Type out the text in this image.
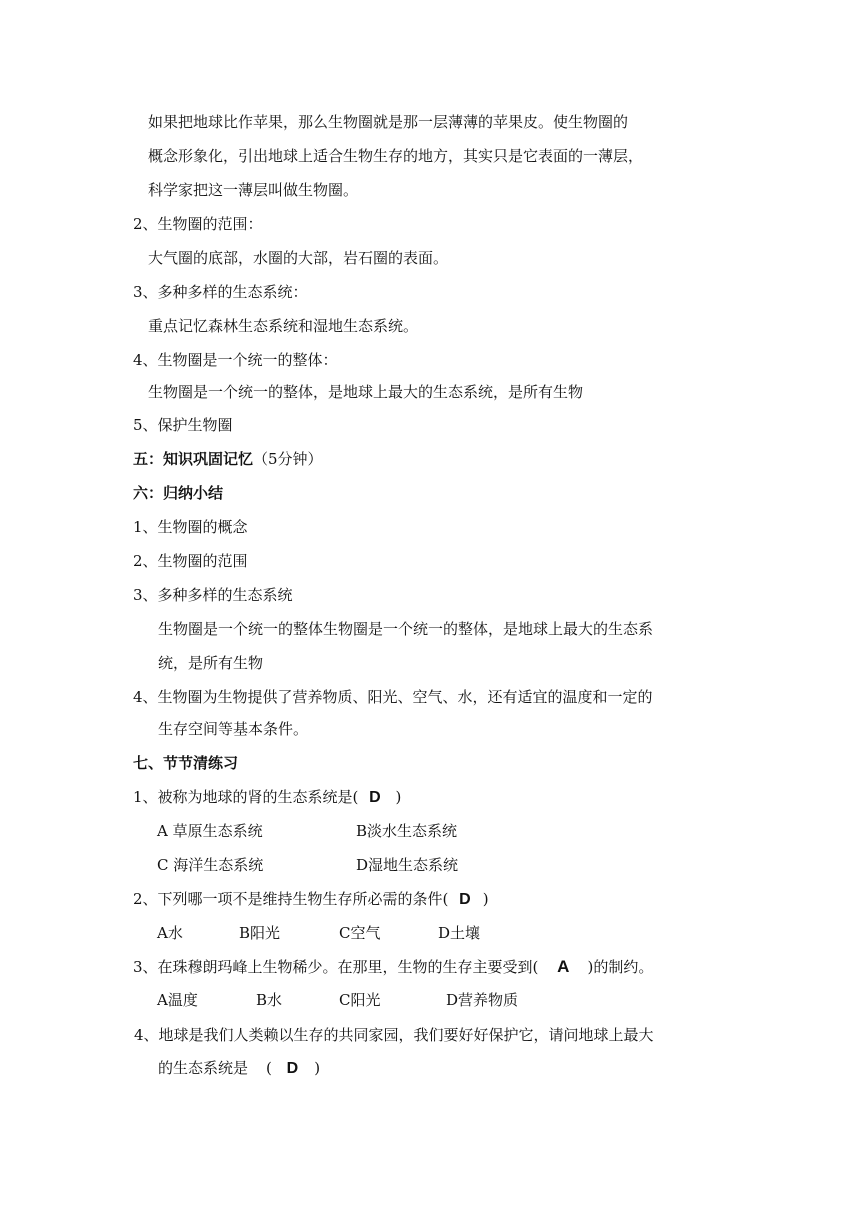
如果把地球比作苹果，那么生物圈就是那一层薄薄的苹果皮。使生物圈的
概念形象化，引出地球上适合生物生存的地方，其实只是它表面的一薄层，
科学家把这一薄层叫做生物圈。
2、生物圈的范围：
大气圈的底部，水圈的大部，岩石圈的表面。
3、多种多样的生态系统：
重点记忆森林生态系统和湿地生态系统。
4、生物圈是一个统一的整体：
生物圈是一个统一的整体，是地球上最大的生态系统，是所有生物
5、保护生物圈
五：知识巩固记忆（5分钟）
六：归纳小结
1、生物圈的概念
2、生物圈的范围
3、多种多样的生态系统
生物圈是一个统一的整体生物圈是一个统一的整体，是地球上最大的生态系
统，是所有生物
4、生物圈为生物提供了营养物质、阳光、空气、水，还有适宜的温度和一定的
生存空间等基本条件。
七、节节清练习
1、被称为地球的肾的生态系统是( D )
A 草原生态系统	B淡水生态系统
C 海洋生态系统	D湿地生态系统
2、下列哪一项不是维持生物生存所必需的条件( D )
A水	B阳光	C空气	D土壤
3、在珠穆朗玛峰上生物稀少。在那里，生物的生存主要受到( A )的制约。
A温度	B水	C阳光	D营养物质
4、地球是我们人类赖以生存的共同家园，我们要好好保护它，请问地球上最大
的生态系统是 ( D )
